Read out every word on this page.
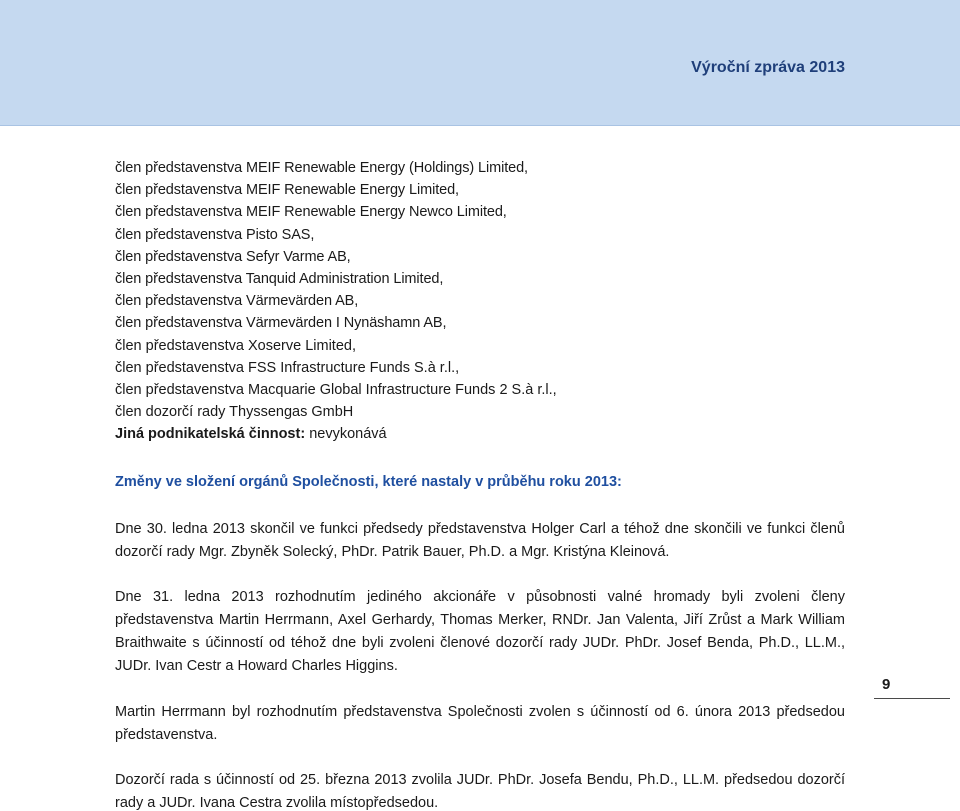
Výroční zpráva 2013
člen představenstva MEIF Renewable Energy (Holdings) Limited,
člen představenstva MEIF Renewable Energy Limited,
člen představenstva MEIF Renewable Energy Newco Limited,
člen představenstva Pisto SAS,
člen představenstva Sefyr Varme AB,
člen představenstva Tanquid Administration Limited,
člen představenstva Värmevärden AB,
člen představenstva Värmevärden I Nynäshamn AB,
člen představenstva Xoserve Limited,
člen představenstva FSS Infrastructure Funds S.à r.l.,
člen představenstva Macquarie Global Infrastructure Funds 2 S.à r.l.,
člen dozorčí rady Thyssengas GmbH
Jiná podnikatelská činnost: nevykonává
Změny ve složení orgánů Společnosti, které nastaly v průběhu roku 2013:
Dne 30. ledna 2013 skončil ve funkci předsedy představenstva Holger Carl a téhož dne skončili ve funkci členů dozorčí rady Mgr. Zbyněk Solecký, PhDr. Patrik Bauer, Ph.D. a Mgr. Kristýna Kleinová.
Dne 31. ledna 2013 rozhodnutím jediného akcionáře v působnosti valné hromady byli zvoleni členy představenstva Martin Herrmann, Axel Gerhardy, Thomas Merker, RNDr. Jan Valenta, Jiří Zrůst a Mark William Braithwaite s účinností od téhož dne byli zvoleni členové dozorčí rady JUDr. PhDr. Josef Benda, Ph.D., LL.M., JUDr. Ivan Cestr a Howard Charles Higgins.
Martin Herrmann byl rozhodnutím představenstva Společnosti zvolen s účinností od 6. února 2013 předsedou představenstva.
Dozorčí rada s účinností od 25. března 2013 zvolila JUDr. PhDr. Josefa Bendu, Ph.D., LL.M. předsedou dozorčí rady a JUDr. Ivana Cestra zvolila místopředsedou.
9
